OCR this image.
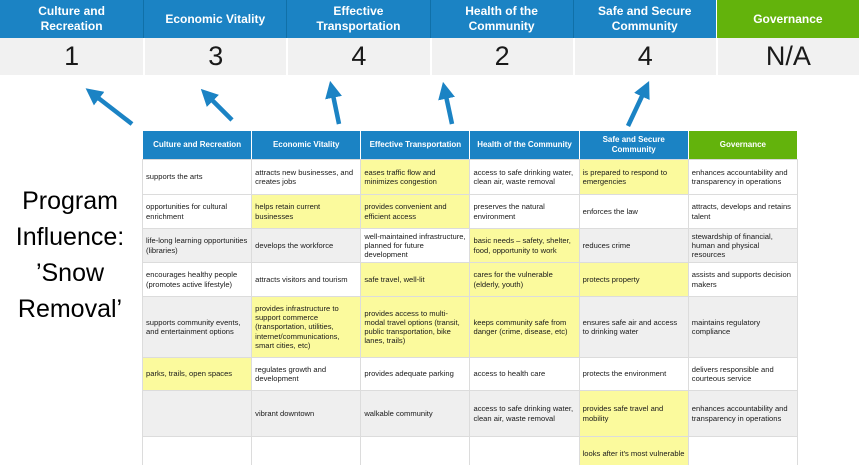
Culture and Recreation
Economic Vitality
Effective Transportation
Health of the Community
Safe and Secure Community
Governance
1	3	4	2	4	N/A
Program Influence: ’Snow Removal’
Culture and Recreation	Economic Vitality	Effective Transportation	Health of the Community	Safe and Secure Community	Governance
supports the arts	attracts new businesses, and creates jobs	eases traffic flow and minimizes congestion	access to safe drinking water, clean air, waste removal	is prepared to respond to emergencies	enhances accountability and transparency in operations
opportunities for cultural enrichment	helps retain current businesses	provides convenient and efficient access	preserves the natural environment	enforces the law	attracts, develops and retains talent
life-long learning opportunities (libraries)	develops the workforce	well-maintained infrastructure, planned for future development	basic needs – safety, shelter, food, opportunity to work	reduces crime	stewardship of financial, human and physical resources
encourages healthy people (promotes active lifestyle)	attracts visitors and tourism	safe travel, well-lit	cares for the vulnerable (elderly, youth)	protects property	assists and supports decision makers
supports community events, and entertainment options	provides infrastructure to support commerce (transportation, utilities, internet/communications, smart cities, etc)	provides access to multi-modal travel options (transit, public transportation, bike lanes, trails)	keeps community safe from danger (crime, disease, etc)	ensures safe air and access to drinking water	maintains regulatory compliance
parks, trails, open spaces	regulates growth and development	provides adequate parking	access to health care	protects the environment	delivers responsible and courteous service
	vibrant downtown	walkable community	access to safe drinking water, clean air, waste removal	provides safe travel and mobility	enhances accountability and transparency in operations
				looks after it's most vulnerable	
